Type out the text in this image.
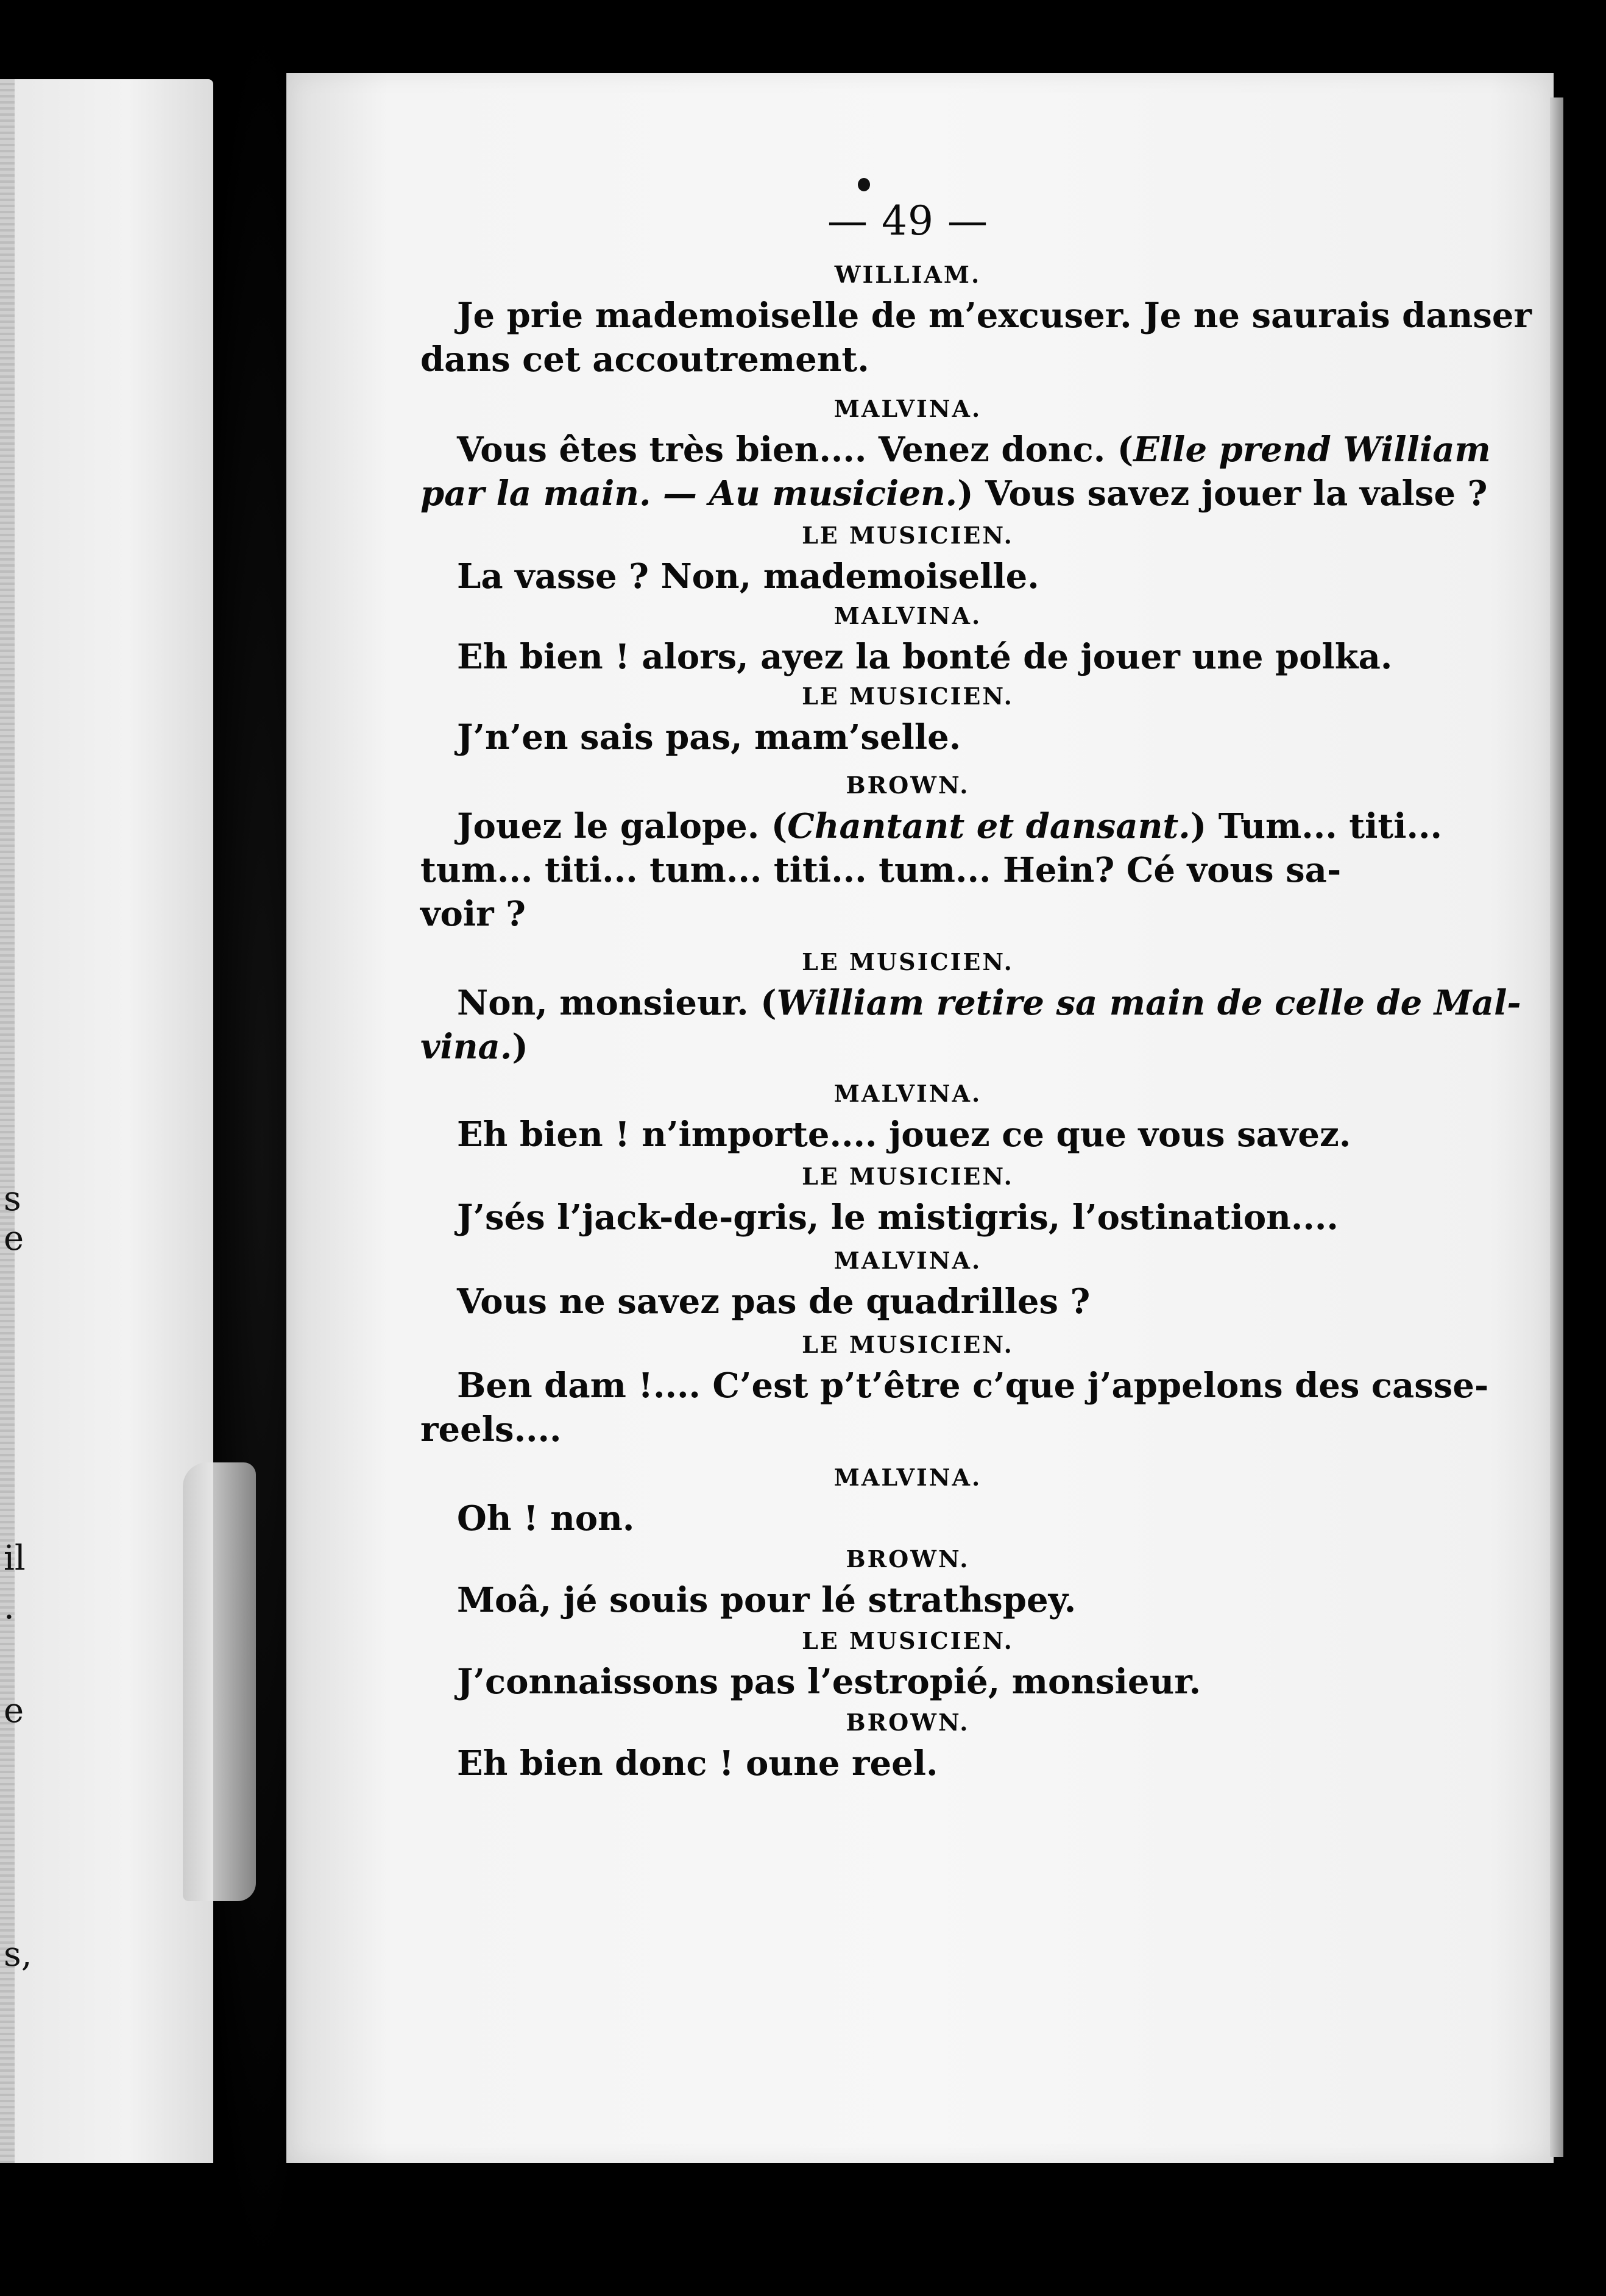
s
e
il
.
e
s,
— 49 —
WILLIAM.
Je prie mademoiselle de m’excuser. Je ne saurais danser
dans cet accoutrement.
MALVINA.
Vous êtes très bien.... Venez donc. (Elle prend William
par la main. — Au musicien.) Vous savez jouer la valse ?
LE MUSICIEN.
La vasse ? Non, mademoiselle.
MALVINA.
Eh bien ! alors, ayez la bonté de jouer une polka.
LE MUSICIEN.
J’n’en sais pas, mam’selle.
BROWN.
Jouez le galope. (Chantant et dansant.) Tum... titi...
tum... titi... tum... titi... tum... Hein? Cé vous sa-
voir ?
LE MUSICIEN.
Non, monsieur. (William retire sa main de celle de Mal-
vina.)
MALVINA.
Eh bien ! n’importe.... jouez ce que vous savez.
LE MUSICIEN.
J’sés l’jack-de-gris, le mistigris, l’ostination....
MALVINA.
Vous ne savez pas de quadrilles ?
LE MUSICIEN.
Ben dam !.... C’est p’t’être c’que j’appelons des casse-
reels....
MALVINA.
Oh ! non.
BROWN.
Moâ, jé souis pour lé strathspey.
LE MUSICIEN.
J’connaissons pas l’estropié, monsieur.
BROWN.
Eh bien donc ! oune reel.
